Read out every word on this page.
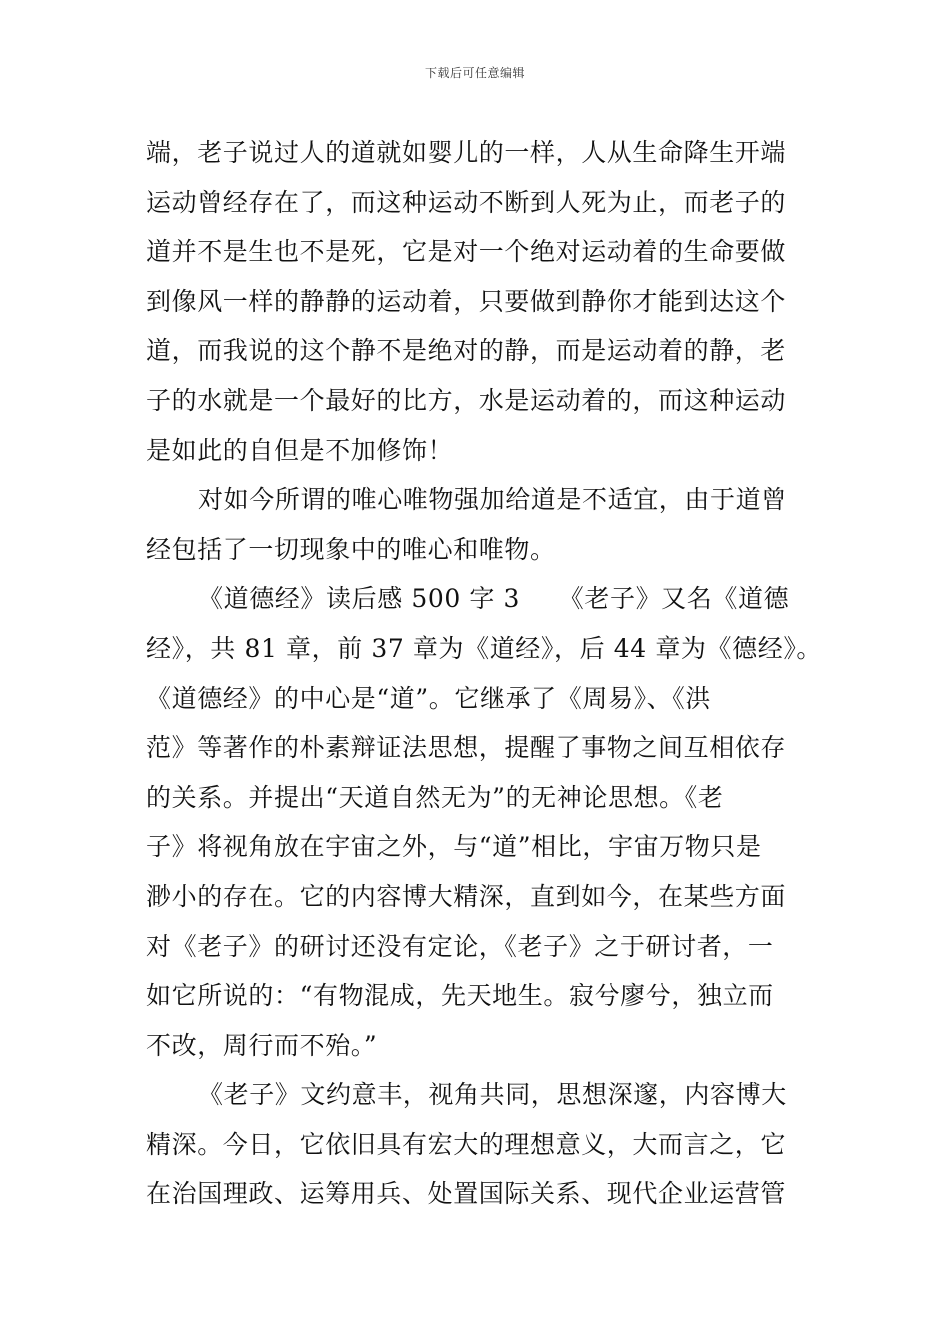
下载后可任意编辑
端，老子说过人的道就如婴儿的一样，人从生命降生开端
运动曾经存在了，而这种运动不断到人死为止，而老子的
道并不是生也不是死，它是对一个绝对运动着的生命要做
到像风一样的静静的运动着，只要做到静你才能到达这个
道，而我说的这个静不是绝对的静，而是运动着的静，老
子的水就是一个最好的比方，水是运动着的，而这种运动
是如此的自但是不加修饰！
对如今所谓的唯心唯物强加给道是不适宜，由于道曾
经包括了一切现象中的唯心和唯物。
《道德经》读后感 500 字 3　　《老子》又名《道德
经》，共 81 章，前 37 章为《道经》，后 44 章为《德经》。
《道德经》的中心是“道”。它继承了《周易》、《洪
范》等著作的朴素辩证法思想，提醒了事物之间互相依存
的关系。并提出“天道自然无为”的无神论思想。《老
子》将视角放在宇宙之外，与“道”相比，宇宙万物只是
渺小的存在。它的内容博大精深，直到如今，在某些方面
对《老子》的研讨还没有定论，《老子》之于研讨者，一
如它所说的：“有物混成，先天地生。寂兮廖兮，独立而
不改，周行而不殆。”
《老子》文约意丰，视角共同，思想深邃，内容博大
精深。今日，它依旧具有宏大的理想意义，大而言之，它
在治国理政、运筹用兵、处置国际关系、现代企业运营管
